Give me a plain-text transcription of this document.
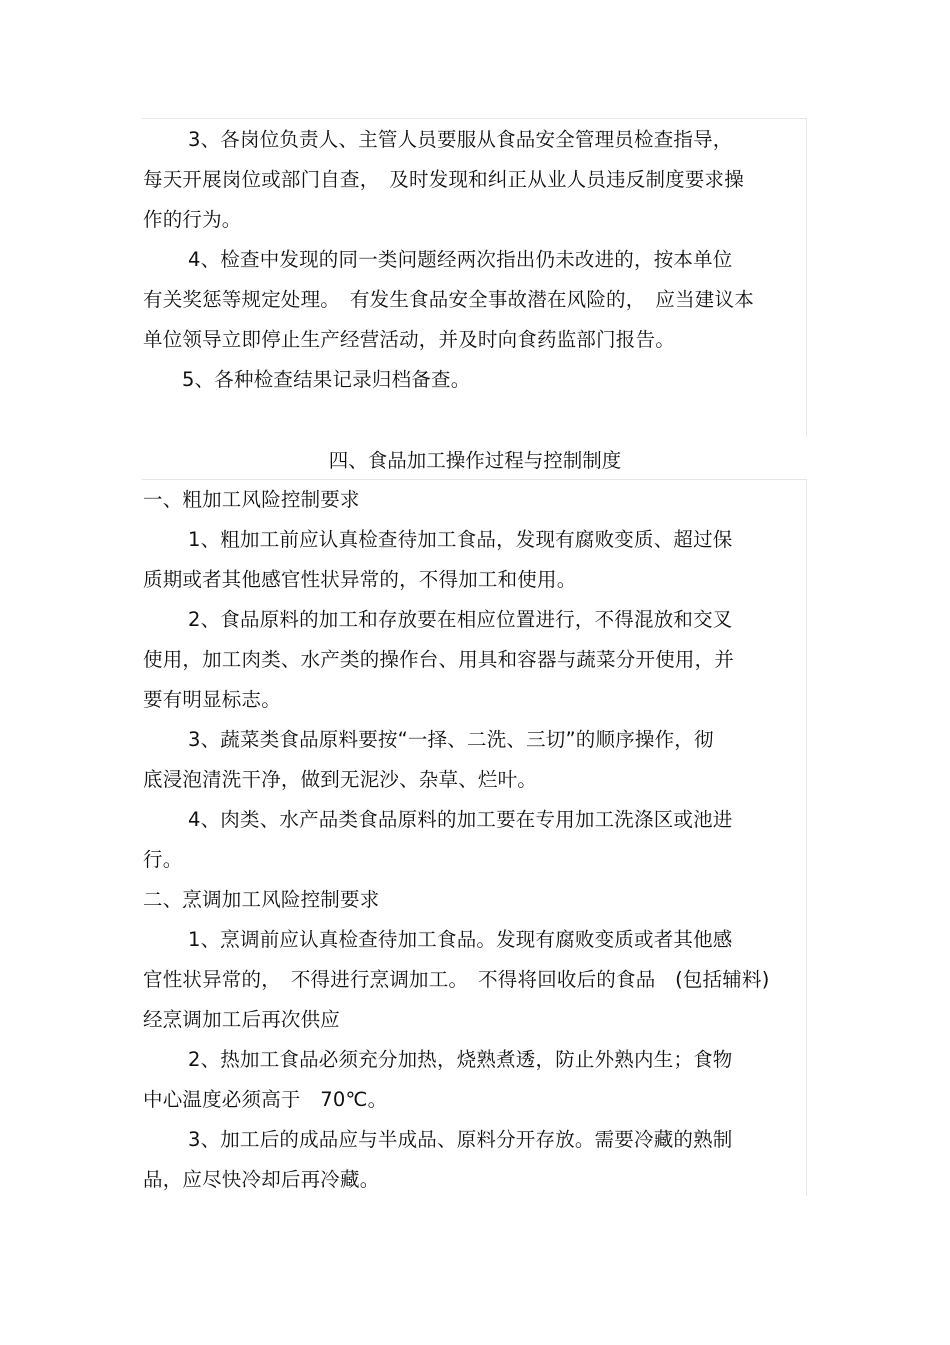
3、各岗位负责人、主管人员要服从食品安全管理员检查指导，
每天开展岗位或部门自查，　及时发现和纠正从业人员违反制度要求操
作的行为。
4、检查中发现的同一类问题经两次指出仍未改进的，按本单位
有关奖惩等规定处理。　有发生食品安全事故潜在风险的，　应当建议本
单位领导立即停止生产经营活动，并及时向食药监部门报告。
5、各种检查结果记录归档备查。
四、食品加工操作过程与控制制度
一、粗加工风险控制要求
1、粗加工前应认真检查待加工食品，发现有腐败变质、超过保
质期或者其他感官性状异常的，不得加工和使用。
2、食品原料的加工和存放要在相应位置进行，不得混放和交叉
使用，加工肉类、水产类的操作台、用具和容器与蔬菜分开使用，并
要有明显标志。
3、蔬菜类食品原料要按“一择、二洗、三切”的顺序操作，彻
底浸泡清洗干净，做到无泥沙、杂草、烂叶。
4、肉类、水产品类食品原料的加工要在专用加工洗涤区或池进
行。
二、烹调加工风险控制要求
1、烹调前应认真检查待加工食品。发现有腐败变质或者其他感
官性状异常的，　不得进行烹调加工。　不得将回收后的食品　(包括辅料)
经烹调加工后再次供应
2、热加工食品必须充分加热，烧熟煮透，防止外熟内生；食物
中心温度必须高于　70℃。
3、加工后的成品应与半成品、原料分开存放。需要冷藏的熟制
品，应尽快冷却后再冷藏。
